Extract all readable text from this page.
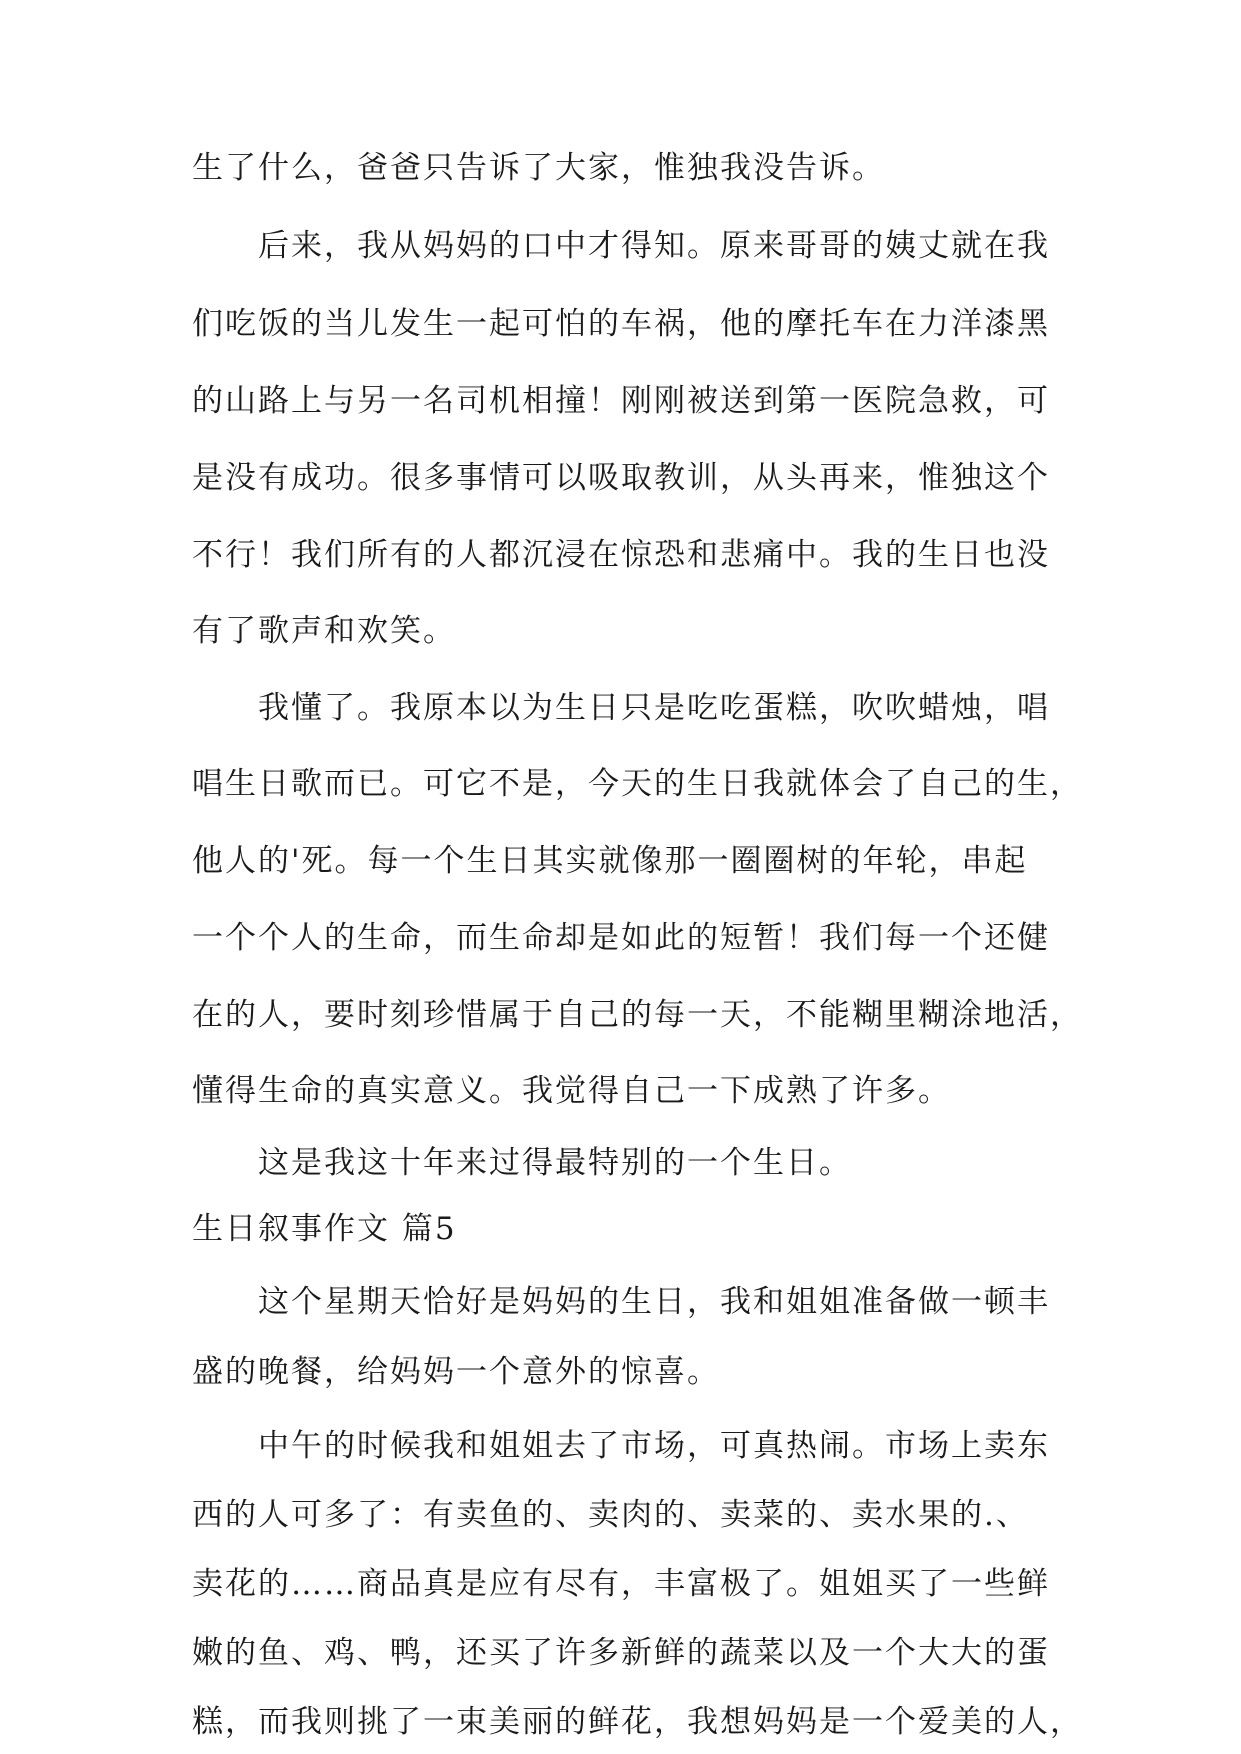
生了什么，爸爸只告诉了大家，惟独我没告诉。
后来，我从妈妈的口中才得知。原来哥哥的姨丈就在我
们吃饭的当儿发生一起可怕的车祸，他的摩托车在力洋漆黑
的山路上与另一名司机相撞！刚刚被送到第一医院急救，可
是没有成功。很多事情可以吸取教训，从头再来，惟独这个
不行！我们所有的人都沉浸在惊恐和悲痛中。我的生日也没
有了歌声和欢笑。
我懂了。我原本以为生日只是吃吃蛋糕，吹吹蜡烛，唱
唱生日歌而已。可它不是，今天的生日我就体会了自己的生，
他人的'死。每一个生日其实就像那一圈圈树的年轮，串起
一个个人的生命，而生命却是如此的短暂！我们每一个还健
在的人，要时刻珍惜属于自己的每一天，不能糊里糊涂地活，
懂得生命的真实意义。我觉得自己一下成熟了许多。
这是我这十年来过得最特别的一个生日。
生日叙事作文 篇5
这个星期天恰好是妈妈的生日，我和姐姐准备做一顿丰
盛的晚餐，给妈妈一个意外的惊喜。
中午的时候我和姐姐去了市场，可真热闹。市场上卖东
西的人可多了：有卖鱼的、卖肉的、卖菜的、卖水果的.、
卖花的……商品真是应有尽有，丰富极了。姐姐买了一些鲜
嫩的鱼、鸡、鸭，还买了许多新鲜的蔬菜以及一个大大的蛋
糕，而我则挑了一束美丽的鲜花，我想妈妈是一个爱美的人，
